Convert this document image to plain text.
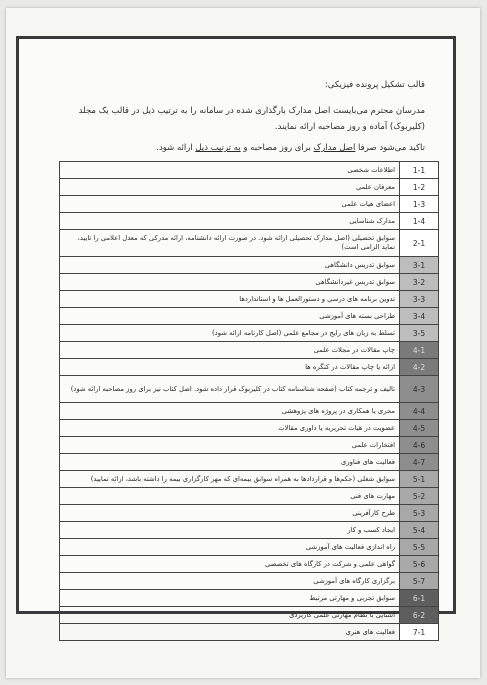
قالب تشکیل پرونده فیزیکی:
مدرسان محترم می‌بایست اصل مدارک بارگذاری شده در سامانه را به ترتیب ذیل در قالب یک مجلد (کلیربوک) آماده و روز مصاحبه ارائه نمایند.
تاکید می‌شود صرفا اصل مدارک برای روز مصاحبه و به ترتیب ذیل ارائه شود.
1-1	اطلاعات شخصی
1-2	معرفان علمی
1-3	اعضای هیات علمی
1-4	مدارک شناسایی
2-1	سوابق تحصیلی (اصل مدارک تحصیلی ارائه شود. در صورت ارائه دانشنامه، ارائه مدرکی که معدل اعلامی را تایید، نماید الزامی است)
3-1	سوابق تدریس دانشگاهی
3-2	سوابق تدریس غیردانشگاهی
3-3	تدوین برنامه های درسی و دستورالعمل ها و استانداردها
3-4	طراحی بسته های آموزشی
3-5	تسلط به زبان های رایج در مجامع علمی (اصل کارنامه ارائه شود)
4-1	چاپ مقالات در مجلات علمی
4-2	ارائه یا چاپ مقالات در کنگره ها
4-3	تالیف و ترجمه کتاب (صفحه شناسنامه کتاب در کلیربوک قرار داده شود. اصل کتاب نیز برای روز مصاحبه ارائه شود)
4-4	مجری یا همکاری در پروژه های پژوهشی
4-5	عضویت در هیات تحریریه یا داوری مقالات
4-6	افتخارات علمی
4-7	فعالیت های فناوری
5-1	سوابق شغلی (حکم‌ها و قراردادها به همراه سوابق بیمه‌ای که مهر کارگزاری بیمه را داشته باشد، ارائه نمایید)
5-2	مهارت های فنی
5-3	طرح کارآفرینی
5-4	ایجاد کسب و کار
5-5	راه اندازی فعالیت های آموزشی
5-6	گواهی علمی و شرکت در کارگاه های تخصصی
5-7	برگزاری کارگاه های آموزشی
6-1	سوابق تجربی و مهارتی مرتبط
6-2	آشنایی با نظام مهارتی علمی کاربردی
7-1	فعالیت های هنری
